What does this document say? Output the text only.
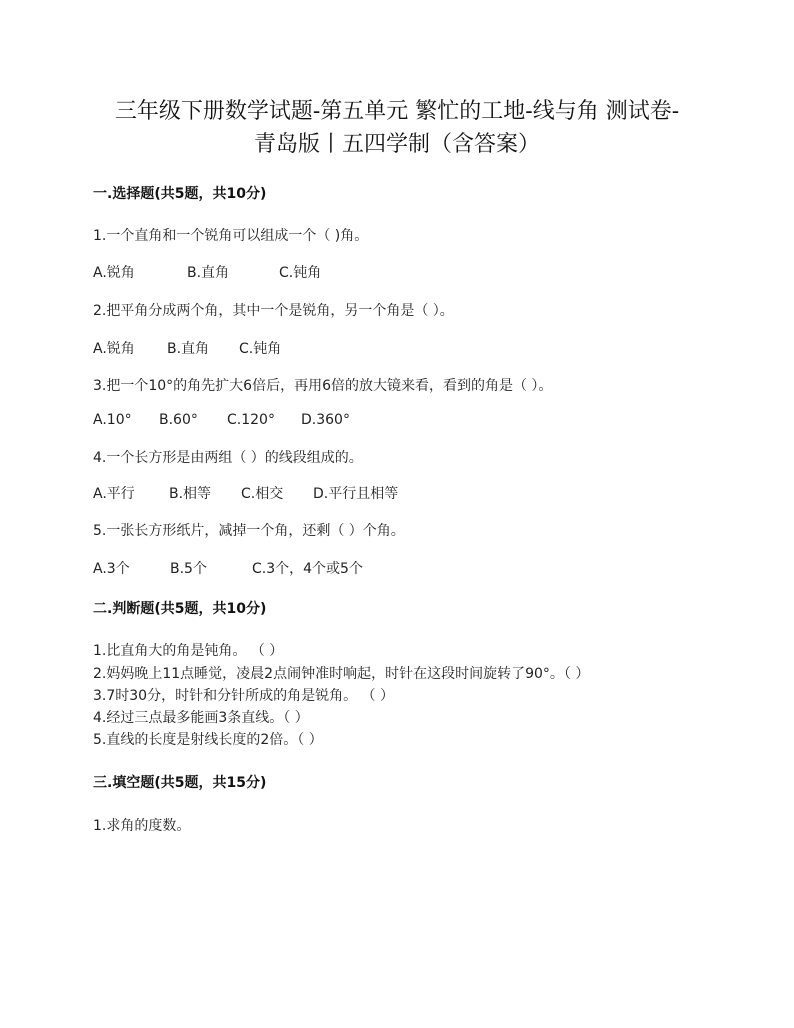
三年级下册数学试题-第五单元 繁忙的工地-线与角 测试卷-
青岛版丨五四学制（含答案）
一.选择题(共5题，共10分)
1.一个直角和一个锐角可以组成一个（ )角。
A.锐角	B.直角	C.钝角
2.把平角分成两个角，其中一个是锐角，另一个角是（ ）。
A.锐角 B.直角 C.钝角
3.把一个10°的角先扩大6倍后，再用6倍的放大镜来看，看到的角是（ ）。
A.10° B.60° C.120° D.360°
4.一个长方形是由两组（ ）的线段组成的。
A.平行 B.相等 C.相交 D.平行且相等
5.一张长方形纸片，减掉一个角，还剩（ ）个角。
A.3个	B.5个	C.3个，4个或5个
二.判断题(共5题，共10分)
1.比直角大的角是钝角。 （ ）
2.妈妈晚上11点睡觉，凌晨2点闹钟准时响起，时针在这段时间旋转了90°。（ ）
3.7时30分，时针和分针所成的角是锐角。 （ ）
4.经过三点最多能画3条直线。（ ）
5.直线的长度是射线长度的2倍。（ ）
三.填空题(共5题，共15分)
1.求角的度数。
